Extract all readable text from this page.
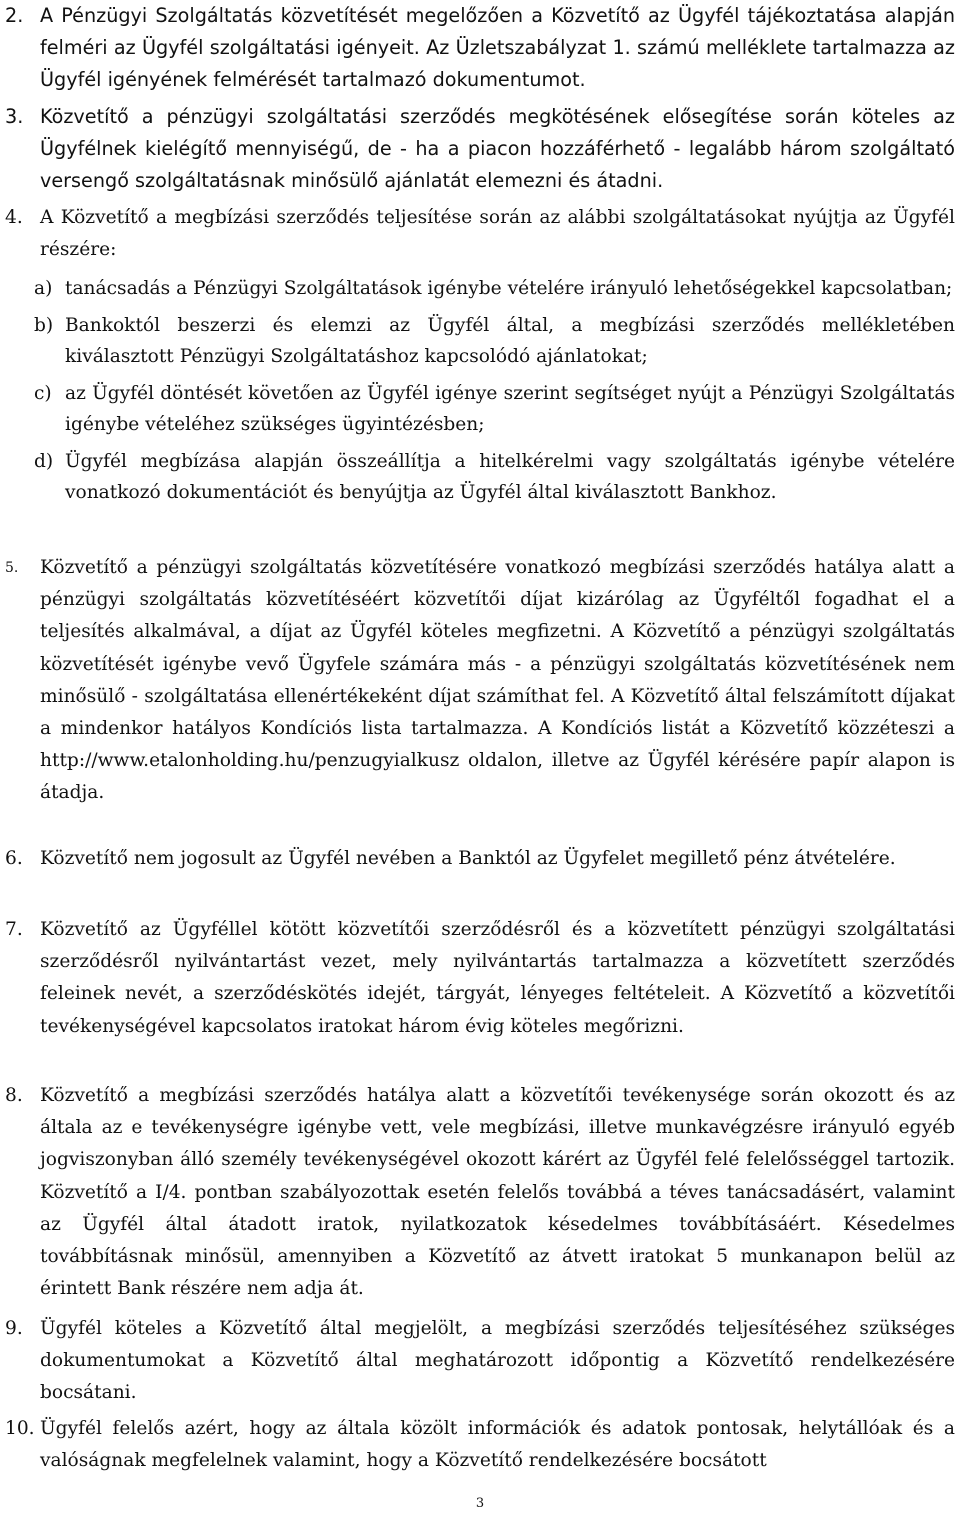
2. A Pénzügyi Szolgáltatás közvetítését megelőzően a Közvetítő az Ügyfél tájékoztatása alapján felméri az Ügyfél szolgáltatási igényeit. Az Üzletszabályzat 1. számú melléklete tartalmazza az Ügyfél igényének felmérését tartalmazó dokumentumot.
3. Közvetítő a pénzügyi szolgáltatási szerződés megkötésének elősegítése során köteles az Ügyfélnek kielégítő mennyiségű, de - ha a piacon hozzáférhető - legalább három szolgáltató versengő szolgáltatásnak minősülő ajánlatát elemezni és átadni.
4. A Közvetítő a megbízási szerződés teljesítése során az alábbi szolgáltatásokat nyújtja az Ügyfél részére:
a) tanácsadás a Pénzügyi Szolgáltatások igénybe vételére irányuló lehetőségekkel kapcsolatban;
b) Bankoktól beszerzi és elemzi az Ügyfél által, a megbízási szerződés mellékletében kiválasztott Pénzügyi Szolgáltatáshoz kapcsolódó ajánlatokat;
c) az Ügyfél döntését követően az Ügyfél igénye szerint segítséget nyújt a Pénzügyi Szolgáltatás igénybe vételéhez szükséges ügyintézésben;
d) Ügyfél megbízása alapján összeállítja a hitelkérelmi vagy szolgáltatás igénybe vételére vonatkozó dokumentációt és benyújtja az Ügyfél által kiválasztott Bankhoz.
5.	Közvetítő a pénzügyi szolgáltatás közvetítésére vonatkozó megbízási szerződés hatálya alatt a pénzügyi szolgáltatás közvetítéséért közvetítői díjat kizárólag az Ügyféltől fogadhat el a teljesítés alkalmával, a díjat az Ügyfél köteles megfizetni. A Közvetítő a pénzügyi szolgáltatás közvetítését igénybe vevő Ügyfele számára más - a pénzügyi szolgáltatás közvetítésének nem minősülő - szolgáltatása ellenértékeként díjat számíthat fel. A Közvetítő által felszámított díjakat a mindenkor hatályos Kondíciós lista tartalmazza. A Kondíciós listát a Közvetítő közzéteszi a http://www.etalonholding.hu/penzugyialkusz oldalon, illetve az Ügyfél kérésére papír alapon is átadja.
6. Közvetítő nem jogosult az Ügyfél nevében a Banktól az Ügyfelet megillető pénz átvételére.
7. Közvetítő az Ügyféllel kötött közvetítői szerződésről és a közvetített pénzügyi szolgáltatási szerződésről nyilvántartást vezet, mely nyilvántartás tartalmazza a közvetített szerződés feleinek nevét, a szerződéskötés idejét, tárgyát, lényeges feltételeit. A Közvetítő a közvetítői tevékenységével kapcsolatos iratokat három évig köteles megőrizni.
8. Közvetítő a megbízási szerződés hatálya alatt a közvetítői tevékenysége során okozott és az általa az e tevékenységre igénybe vett, vele megbízási, illetve munkavégzésre irányuló egyéb jogviszonyban álló személy tevékenységével okozott kárért az Ügyfél felé felelősséggel tartozik. Közvetítő a I/4. pontban szabályozottak esetén felelős továbbá a téves tanácsadásért, valamint az Ügyfél által átadott iratok, nyilatkozatok késedelmes továbbításáért. Késedelmes továbbításnak minősül, amennyiben a Közvetítő az átvett iratokat 5 munkanapon belül az érintett Bank részére nem adja át.
9. Ügyfél köteles a Közvetítő által megjelölt, a megbízási szerződés teljesítéséhez szükséges dokumentumokat a Közvetítő által meghatározott időpontig a Közvetítő rendelkezésére bocsátani.
10. Ügyfél felelős azért, hogy az általa közölt információk és adatok pontosak, helytállóak és a valóságnak megfelelnek valamint, hogy a Közvetítő rendelkezésére bocsátott
3
